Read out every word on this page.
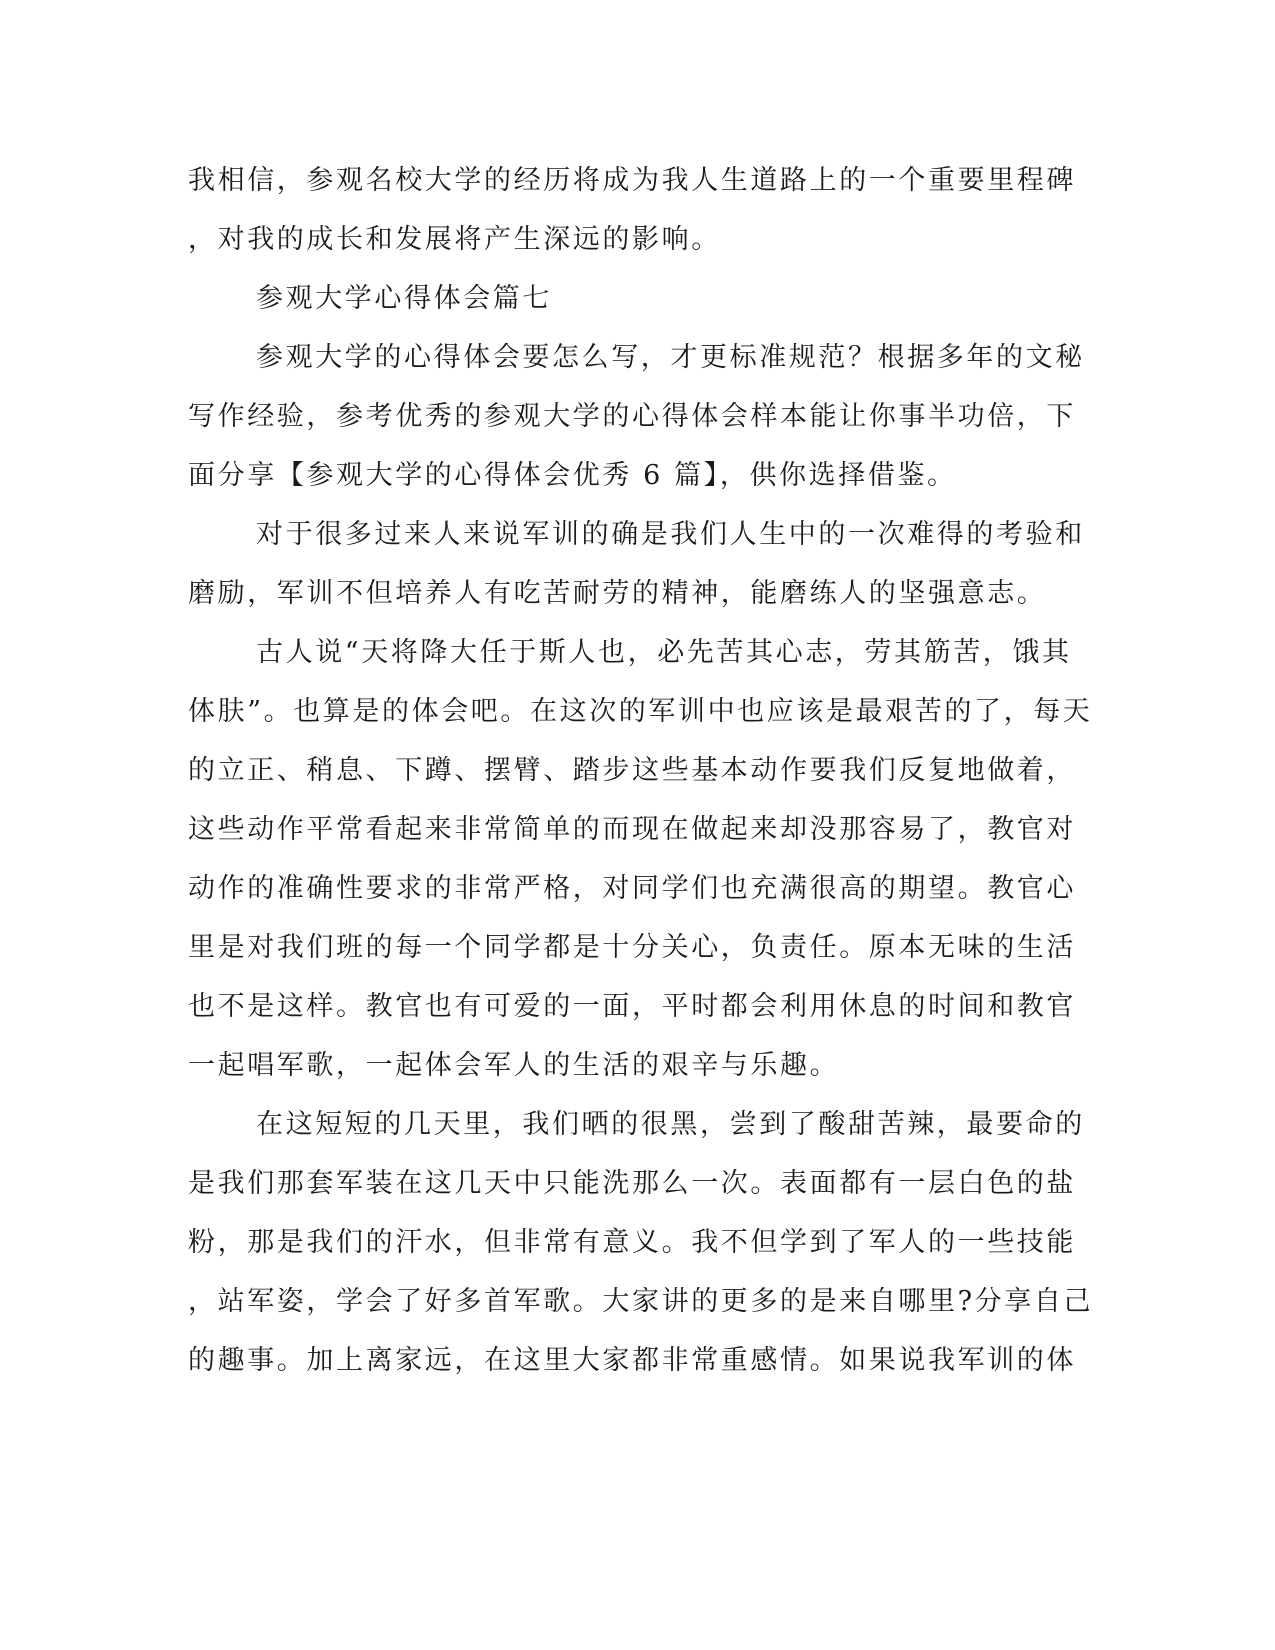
我相信，参观名校大学的经历将成为我人生道路上的一个重要里程碑
，对我的成长和发展将产生深远的影响。
参观大学心得体会篇七
参观大学的心得体会要怎么写，才更标准规范？根据多年的文秘
写作经验，参考优秀的参观大学的心得体会样本能让你事半功倍，下
面分享【参观大学的心得体会优秀 6 篇】，供你选择借鉴。
对于很多过来人来说军训的确是我们人生中的一次难得的考验和
磨励，军训不但培养人有吃苦耐劳的精神，能磨练人的坚强意志。
古人说“天将降大任于斯人也，必先苦其心志，劳其筋苦，饿其
体肤”。也算是的体会吧。在这次的军训中也应该是最艰苦的了，每天
的立正、稍息、下蹲、摆臂、踏步这些基本动作要我们反复地做着，
这些动作平常看起来非常简单的而现在做起来却没那容易了，教官对
动作的准确性要求的非常严格，对同学们也充满很高的期望。教官心
里是对我们班的每一个同学都是十分关心，负责任。原本无味的生活
也不是这样。教官也有可爱的一面，平时都会利用休息的时间和教官
一起唱军歌，一起体会军人的生活的艰辛与乐趣。
在这短短的几天里，我们晒的很黑，尝到了酸甜苦辣，最要命的
是我们那套军装在这几天中只能洗那么一次。表面都有一层白色的盐
粉，那是我们的汗水，但非常有意义。我不但学到了军人的一些技能
，站军姿，学会了好多首军歌。大家讲的更多的是来自哪里?分享自己
的趣事。加上离家远，在这里大家都非常重感情。如果说我军训的体
